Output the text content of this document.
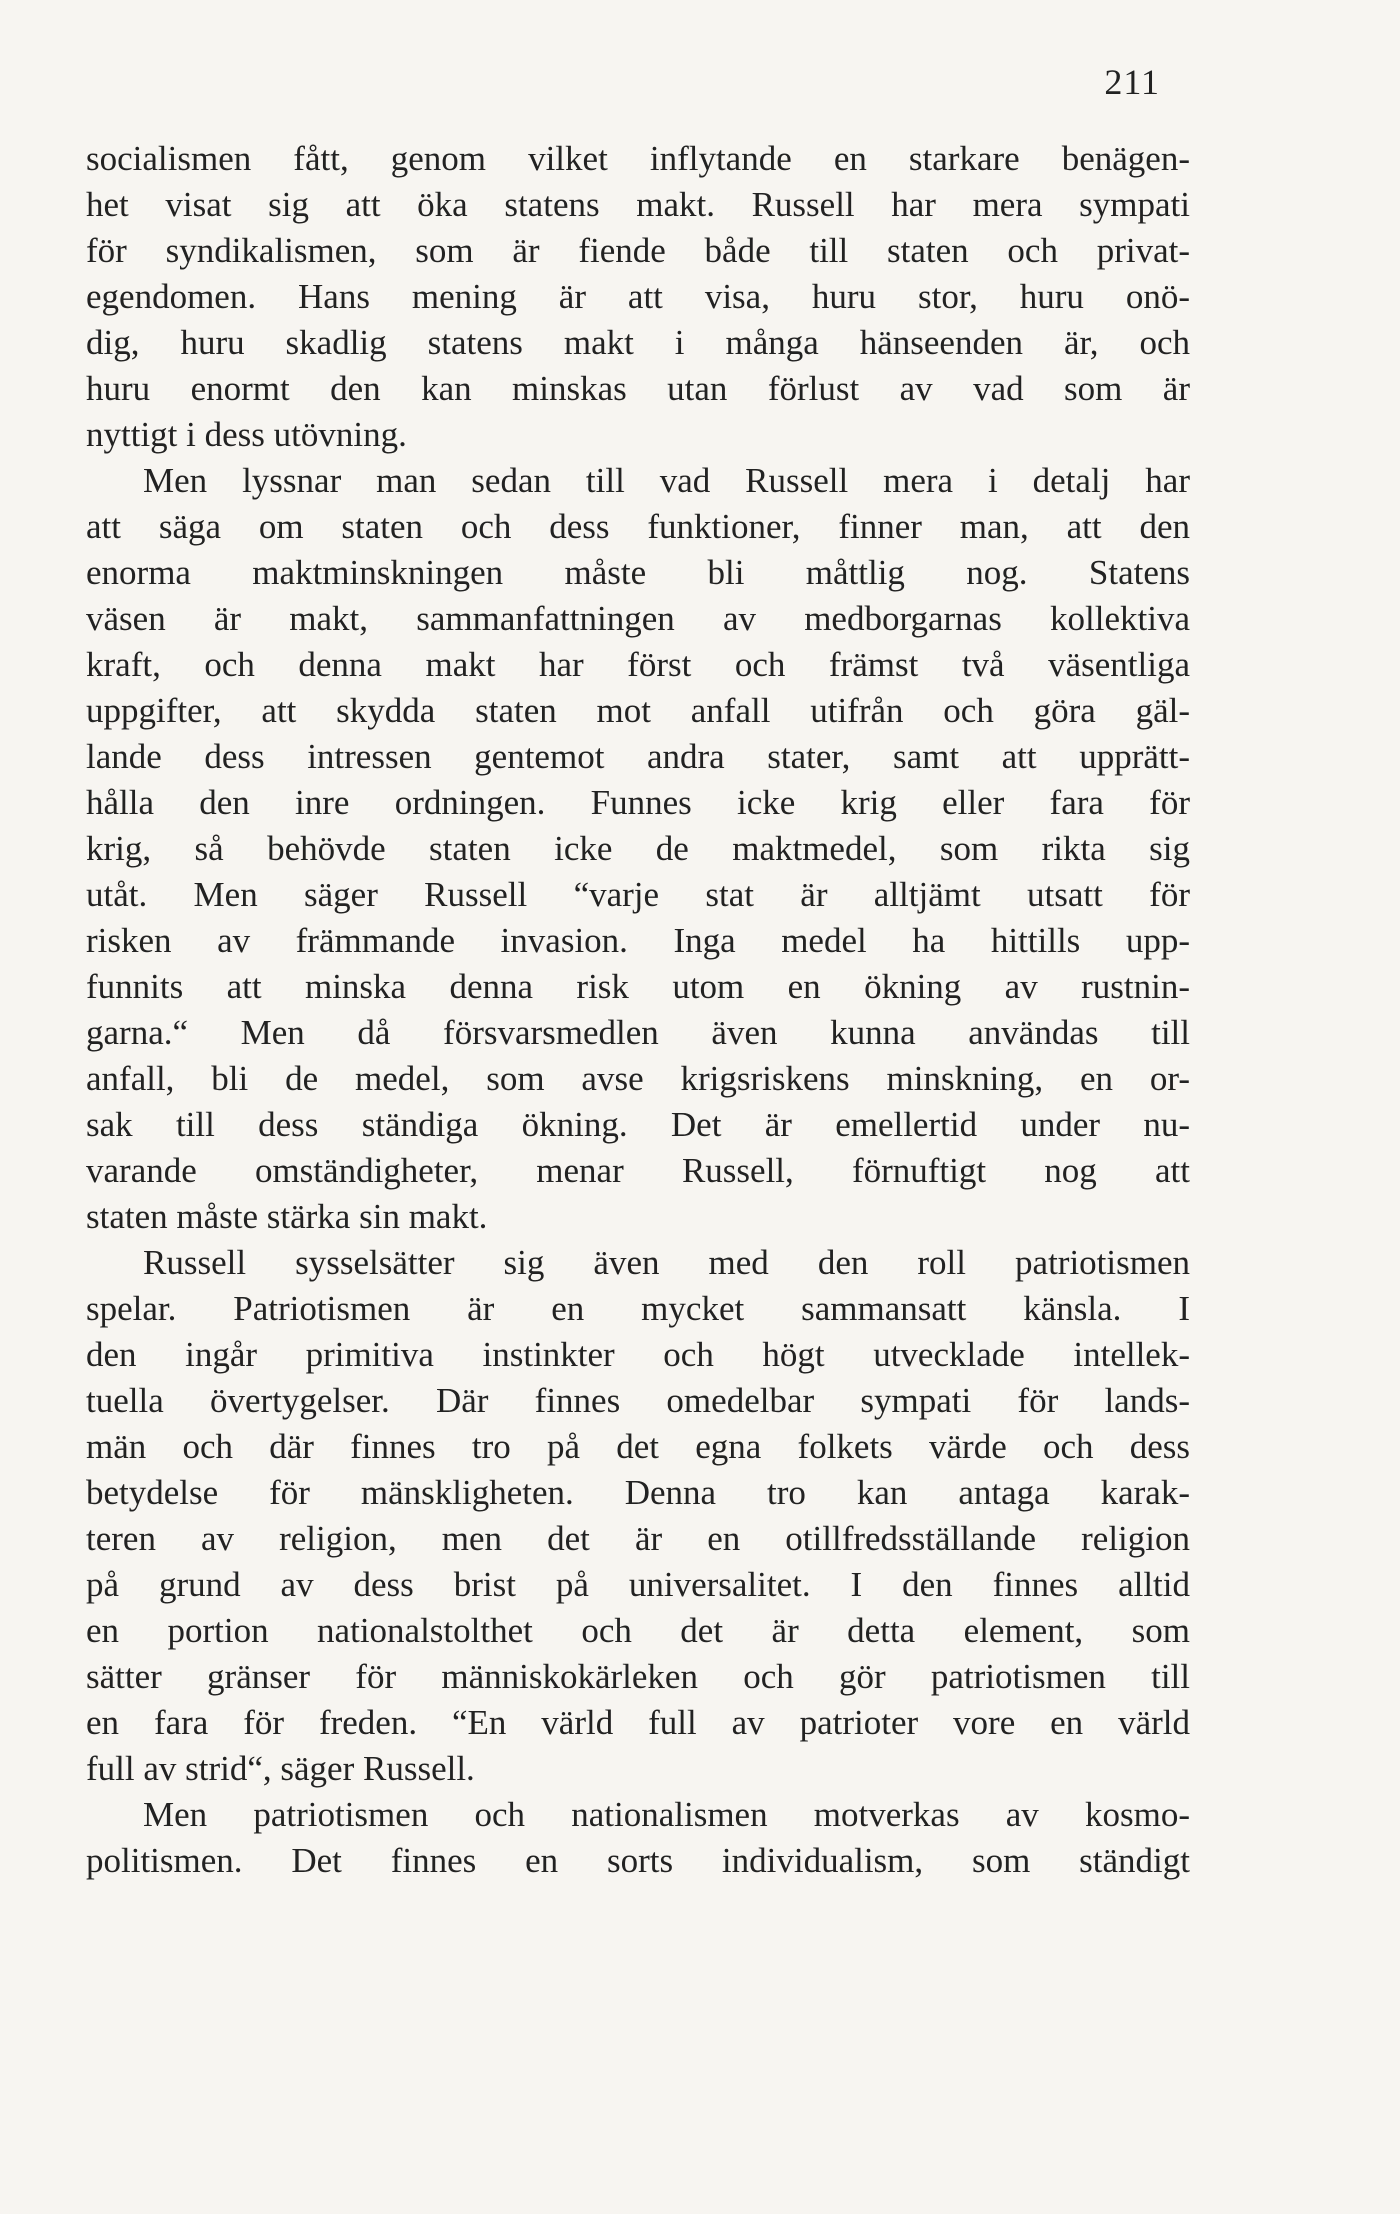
211
socialismen fått, genom vilket inflytande en starkare benägen-
het visat sig att öka statens makt. Russell har mera sympati
för syndikalismen, som är fiende både till staten och privat-
egendomen. Hans mening är att visa, huru stor, huru onö-
dig, huru skadlig statens makt i många hänseenden är, och
huru enormt den kan minskas utan förlust av vad som är
nyttigt i dess utövning.
Men lyssnar man sedan till vad Russell mera i detalj har
att säga om staten och dess funktioner, finner man, att den
enorma maktminskningen måste bli måttlig nog. Statens
väsen är makt, sammanfattningen av medborgarnas kollektiva
kraft, och denna makt har först och främst två väsentliga
uppgifter, att skydda staten mot anfall utifrån och göra gäl-
lande dess intressen gentemot andra stater, samt att upprätt-
hålla den inre ordningen. Funnes icke krig eller fara för
krig, så behövde staten icke de maktmedel, som rikta sig
utåt. Men säger Russell “varje stat är alltjämt utsatt för
risken av främmande invasion. Inga medel ha hittills upp-
funnits att minska denna risk utom en ökning av rustnin-
garna.“ Men då försvarsmedlen även kunna användas till
anfall, bli de medel, som avse krigsriskens minskning, en or-
sak till dess ständiga ökning. Det är emellertid under nu-
varande omständigheter, menar Russell, förnuftigt nog att
staten måste stärka sin makt.
Russell sysselsätter sig även med den roll patriotismen
spelar. Patriotismen är en mycket sammansatt känsla. I
den ingår primitiva instinkter och högt utvecklade intellek-
tuella övertygelser. Där finnes omedelbar sympati för lands-
män och där finnes tro på det egna folkets värde och dess
betydelse för mänskligheten. Denna tro kan antaga karak-
teren av religion, men det är en otillfredsställande religion
på grund av dess brist på universalitet. I den finnes alltid
en portion nationalstolthet och det är detta element, som
sätter gränser för människokärleken och gör patriotismen till
en fara för freden. “En värld full av patrioter vore en värld
full av strid“, säger Russell.
Men patriotismen och nationalismen motverkas av kosmo-
politismen. Det finnes en sorts individualism, som ständigt
